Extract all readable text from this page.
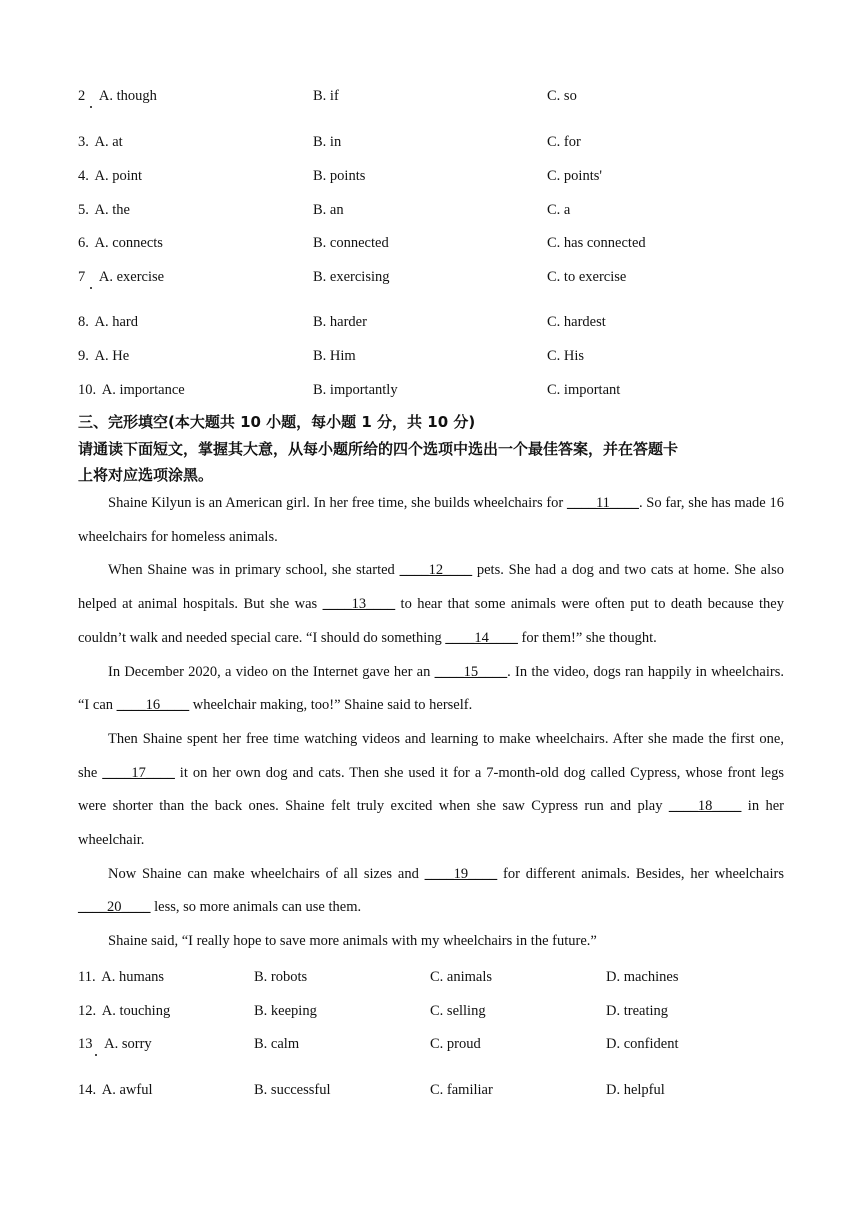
2 A. though	B. if	C. so
3. A. at	B. in	C. for
4. A. point	B. points	C. points'
5. A. the	B. an	C. a
6. A. connects	B. connected	C. has connected
7 A. exercise	B. exercising	C. to exercise
8. A. hard	B. harder	C. hardest
9. A. He	B. Him	C. His
10. A. importance	B. importantly	C. important
三、完形填空(本大题共 10 小题，每小题 1 分，共 10 分)
请通读下面短文，掌握其大意，从每小题所给的四个选项中选出一个最佳答案，并在答题卡
上将对应选项涂黑。

Shaine Kilyun is an American girl. In her free time, she builds wheelchairs for ____11____. So far, she has made 16 wheelchairs for homeless animals.

When Shaine was in primary school, she started ____12____ pets. She had a dog and two cats at home. She also helped at animal hospitals. But she was ____13____ to hear that some animals were often put to death because they couldn’t walk and needed special care. “I should do something ____14____ for them!” she thought.

In December 2020, a video on the Internet gave her an ____15____. In the video, dogs ran happily in wheelchairs. “I can ____16____ wheelchair making, too!” Shaine said to herself.

Then Shaine spent her free time watching videos and learning to make wheelchairs. After she made the first one, she ____17____ it on her own dog and cats. Then she used it for a 7-month-old dog called Cypress, whose front legs were shorter than the back ones. Shaine felt truly excited when she saw Cypress run and play ____18____ in her wheelchair.

Now Shaine can make wheelchairs of all sizes and ____19____ for different animals. Besides, her wheelchairs ____20____ less, so more animals can use them.

Shaine said, “I really hope to save more animals with my wheelchairs in the future.”

11. A. humans	B. robots	C. animals	D. machines
12. A. touching	B. keeping	C. selling	D. treating
13 A. sorry	B. calm	C. proud	D. confident
14. A. awful	B. successful	C. familiar	D. helpful
